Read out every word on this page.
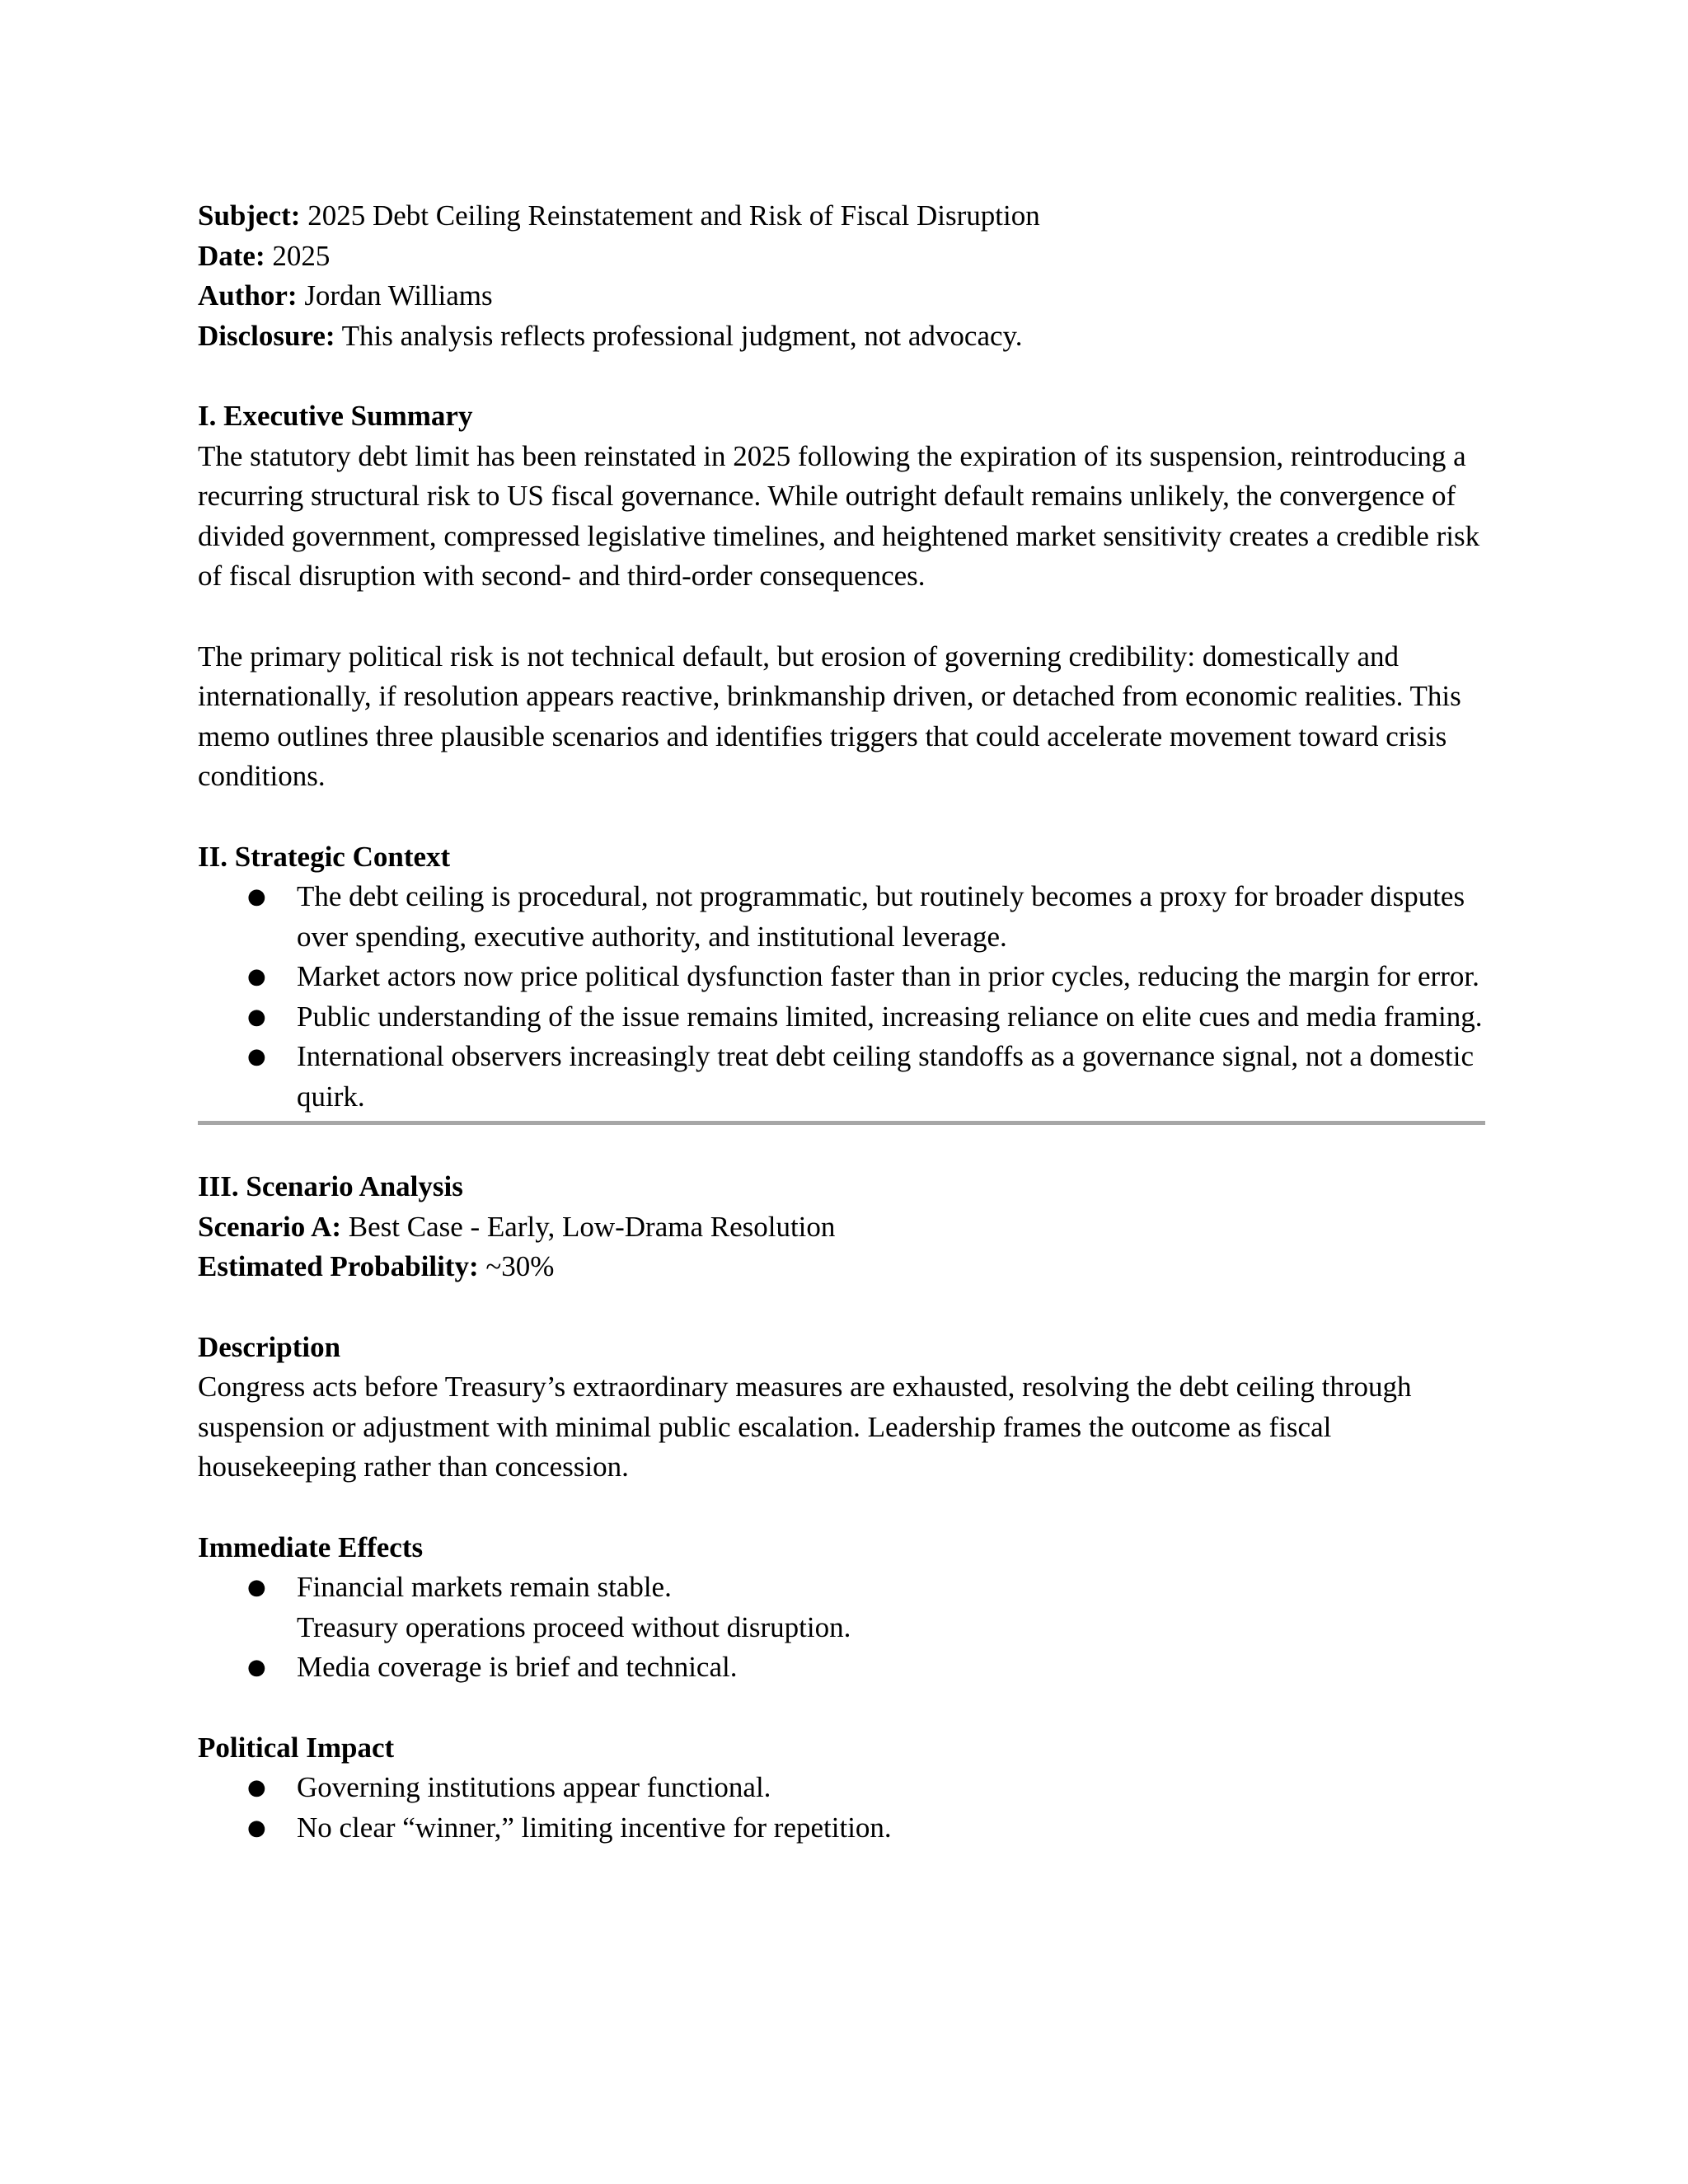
Subject: 2025 Debt Ceiling Reinstatement and Risk of Fiscal Disruption

Date: 2025

Author: Jordan Williams

Disclosure: This analysis reflects professional judgment, not advocacy.

I. Executive Summary

The statutory debt limit has been reinstated in 2025 following the expiration of its suspension, reintroducing a recurring structural risk to US fiscal governance. While outright default remains unlikely, the convergence of divided government, compressed legislative timelines, and heightened market sensitivity creates a credible risk of fiscal disruption with second- and third-order consequences.

The primary political risk is not technical default, but erosion of governing credibility: domestically and internationally, if resolution appears reactive, brinkmanship driven, or detached from economic realities. This memo outlines three plausible scenarios and identifies triggers that could accelerate movement toward crisis conditions.

II. Strategic Context

●	The debt ceiling is procedural, not programmatic, but routinely becomes a proxy for broader disputes over spending, executive authority, and institutional leverage.
●	Market actors now price political dysfunction faster than in prior cycles, reducing the margin for error.
●	Public understanding of the issue remains limited, increasing reliance on elite cues and media framing.
●	International observers increasingly treat debt ceiling standoffs as a governance signal, not a domestic quirk.

III. Scenario Analysis

Scenario A: Best Case - Early, Low-Drama Resolution

Estimated Probability: ~30%

Description

Congress acts before Treasury’s extraordinary measures are exhausted, resolving the debt ceiling through suspension or adjustment with minimal public escalation. Leadership frames the outcome as fiscal housekeeping rather than concession.

Immediate Effects

●	Financial markets remain stable.

Treasury operations proceed without disruption.

●	Media coverage is brief and technical.

Political Impact

●	Governing institutions appear functional.
●	No clear “winner,” limiting incentive for repetition.
